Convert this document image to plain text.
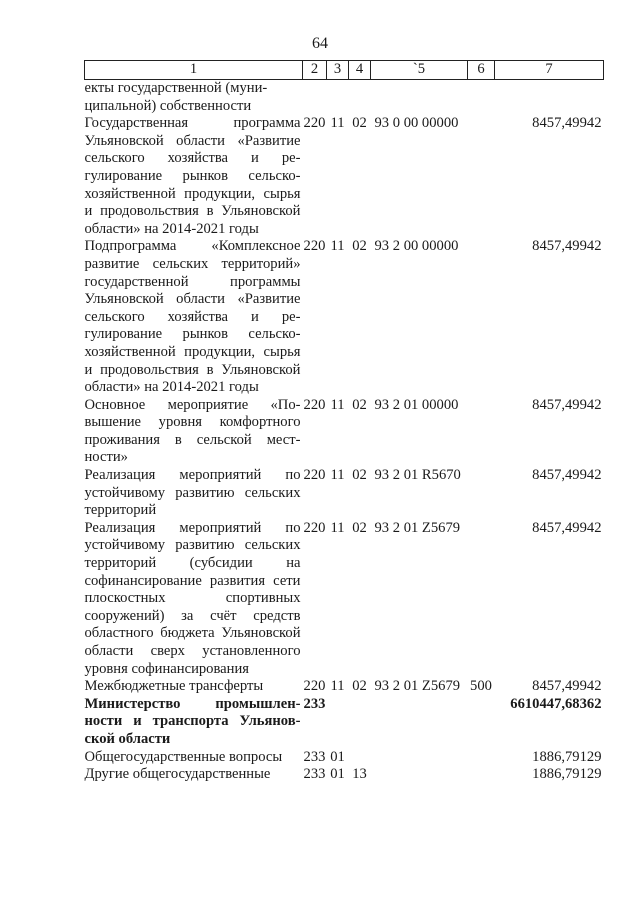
64
1	2	3	4	`5	6	7
екты государственной (муниципальной) собственности						
Государственная программа Ульяновской области «Развитие сельского хозяйства и регулирование рынков сельскохозяйственной продукции, сырья и продовольствия в Ульяновской области» на 2014-2021 годы	220	11	02	93 0 00 00000		8457,49942
Подпрограмма «Комплексное развитие сельских территорий» государственной программы Ульяновской области «Развитие сельского хозяйства и регулирование рынков сельскохозяйственной продукции, сырья и продовольствия в Ульяновской области» на 2014-2021 годы	220	11	02	93 2 00 00000		8457,49942
Основное мероприятие «Повышение уровня комфортного проживания в сельской местности»	220	11	02	93 2 01 00000		8457,49942
Реализация мероприятий по устойчивому развитию сельских территорий	220	11	02	93 2 01 R5670		8457,49942
Реализация мероприятий по устойчивому развитию сельских территорий (субсидии на софинансирование развития сети плоскостных спортивных сооружений) за счёт средств областного бюджета Ульяновской области сверх установленного уровня софинансирования	220	11	02	93 2 01 Z5679		8457,49942
Межбюджетные трансферты	220	11	02	93 2 01 Z5679	500	8457,49942
Министерство промышленности и транспорта Ульяновской области	233					6610447,68362
Общегосударственные вопросы	233	01				1886,79129
Другие общегосударственные	233	01	13			1886,79129
